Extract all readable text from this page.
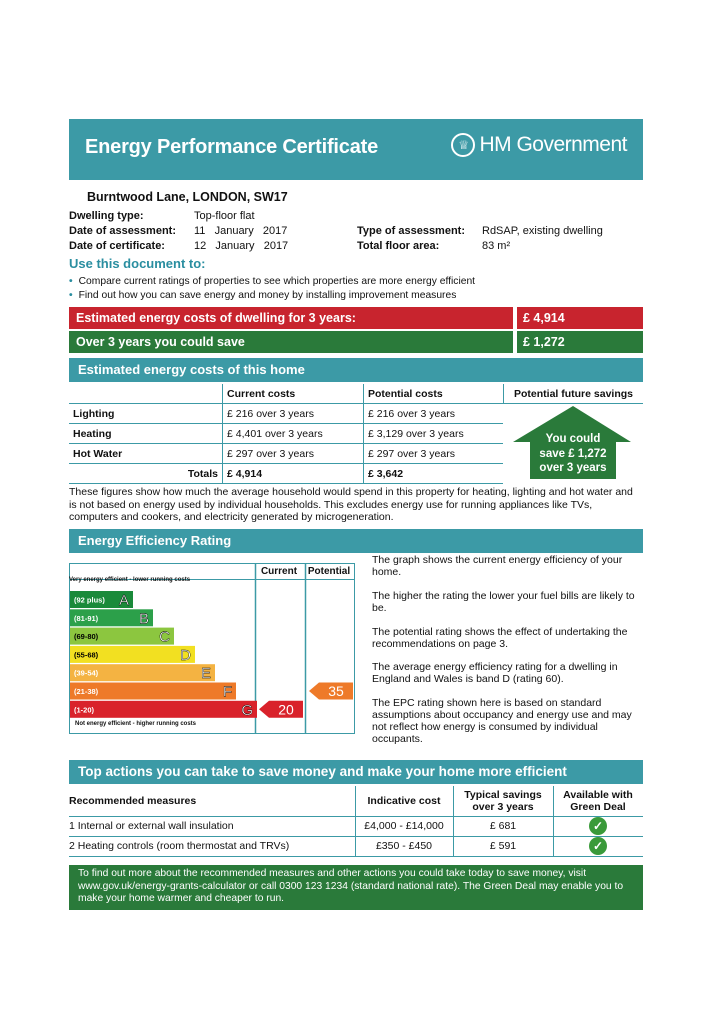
Energy Performance Certificate	♕ HM Government
Burntwood Lane, LONDON, SW17
Dwelling type:	Top-floor flat
Date of assessment: 11   January   2017
Date of certificate:	12   January   2017
Type of assessment: RdSAP, existing dwelling
Total floor area:	83 m²
Use this document to:
• Compare current ratings of properties to see which properties are more energy efficient
• Find out how you can save energy and money by installing improvement measures
Estimated energy costs of dwelling for 3 years:	£ 4,914
Over 3 years you could save	£ 1,272
Estimated energy costs of this home
	Current costs	Potential costs
Lighting	£ 216 over 3 years	£ 216 over 3 years
Heating	£ 4,401 over 3 years	£ 3,129 over 3 years
Hot Water	£ 297 over 3 years	£ 297 over 3 years
Totals	£ 4,914	£ 3,642
Potential future savings
You could
save £ 1,272
over 3 years
These figures show how much the average household would spend in this property for heating, lighting and hot water and is not based on energy used by individual households. This excludes energy use for running appliances like TVs, computers and cookers, and electricity generated by microgeneration.
Energy Efficiency Rating
(92 plus) A
(81-91)	B
(69-80)	C
(55-68)	D
(39-54)	E
(21-38)	F
(1-20)	G 20
35
Very energy efficient - lower running costs
Not energy efficient - higher running costs
Current	Potential
The graph shows the current energy efficiency of your home.
The higher the rating the lower your fuel bills are likely to be.
The potential rating shows the effect of undertaking the recommendations on page 3.
The average energy efficiency rating for a dwelling in England and Wales is band D (rating 60).
The EPC rating shown here is based on standard assumptions about occupancy and energy use and may not reflect how energy is consumed by individual occupants.
Top actions you can take to save money and make your home more efficient
Recommended measures	Indicative cost	Typical savings
over 3 years
Available with
Green Deal
1 Internal or external wall insulation	£4,000 - £14,000	£ 681	✓
2 Heating controls (room thermostat and TRVs)	£350 - £450	£ 591	✓
To find out more about the recommended measures and other actions you could take today to save money, visit www.gov.uk/energy-grants-calculator or call 0300 123 1234 (standard national rate). The Green Deal may enable you to make your home warmer and cheaper to run.
